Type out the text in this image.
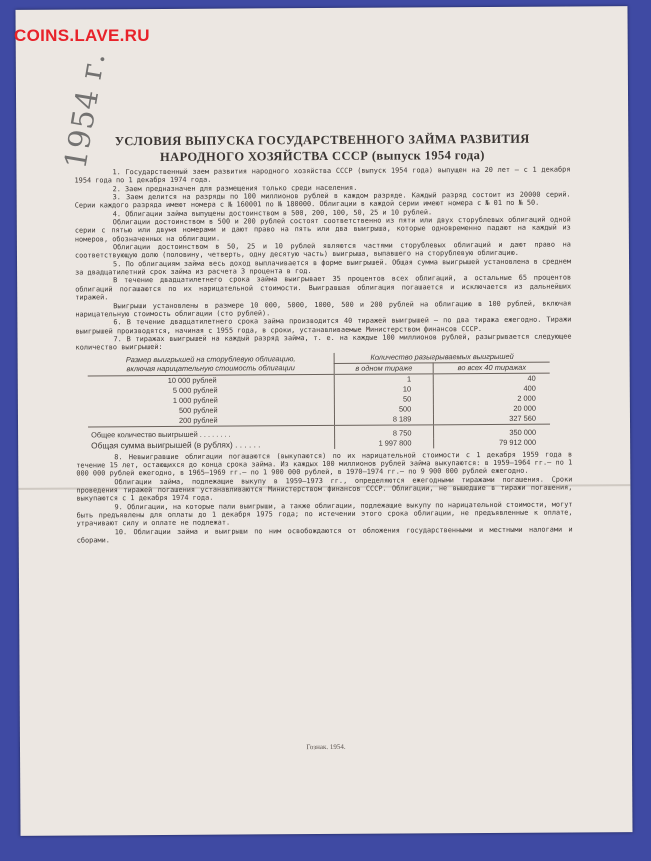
COINS.LAVE.RU
1954 г. УСЛОВИЯ ВЫПУСКА ГОСУДАРСТВЕННОГО ЗАЙМА РАЗВИТИЯ
НАРОДНОГО ХОЗЯЙСТВА СССР (выпуск 1954 года)

1. Государственный заем развития народного хозяйства СССР (выпуск 1954 года) выпущен на 20 лет — с 1 декабря 1954 года по 1 декабря 1974 года.

2. Заем предназначен для размещения только среди населения.

3. Заем делится на разряды по 100 миллионов рублей в каждом разряде. Каждый разряд состоит из 20000 серий. Серии каждого разряда имеют номера с № 160001 по № 180000. Облигации в каждой серии имеют номера с № 01 по № 50.

4. Облигации займа выпущены достоинством в 500, 200, 100, 50, 25 и 10 рублей.

Облигации достоинством в 500 и 200 рублей состоят соответственно из пяти или двух сторублевых облигаций одной серии с пятью или двумя номерами и дают право на пять или два выигрыша, которые одновременно падают на каждый из номеров, обозначенных на облигации.

Облигации достоинством в 50, 25 и 10 рублей являются частями сторублевых облигаций и дают право на соответствующую долю (половину, четверть, одну десятую часть) выигрыша, выпавшего на сторублевую облигацию.

5. По облигациям займа весь доход выплачивается в форме выигрышей. Общая сумма выигрышей установлена в среднем за двадцатилетний срок займа из расчета 3 процента в год.

В течение двадцатилетнего срока займа выигрывает 35 процентов всех облигаций, а остальные 65 процентов облигаций погашаются по их нарицательной стоимости. Выигравшая облигация погашается и исключается из дальнейших тиражей.

Выигрыши установлены в размере 10 000, 5000, 1000, 500 и 200 рублей на облигацию в 100 рублей, включая нарицательную стоимость облигации (сто рублей).

6. В течение двадцатилетнего срока займа производится 40 тиражей выигрышей — по два тиража ежегодно. Тиражи выигрышей производятся, начиная с 1955 года, в сроки, устанавливаемые Министерством финансов СССР.

7. В тиражах выигрышей на каждый разряд займа, т. е. на каждые 100 миллионов рублей, разыгрывается следующее количество выигрышей:

Размер выигрышей на сторублевую облигацию,
включая нарицательную стоимость облигации	Количество разыгрываемых выигрышей	
	в одном тираже	во всех 40 тиражах
10 000 рублей	1	40
5 000 рублей	10	400
1 000 рублей	50	2 000
500 рублей	500	20 000
200 рублей	8 189	327 560
Общее количество выигрышей . . . . . . . .	8 750	350 000
Общая сумма выигрышей (в рублях) . . . . . .	1 997 800	79 912 000

8. Невыигравшие облигации погашаются (выкупаются) по их нарицательной стоимости с 1 декабря 1959 года в течение 15 лет, остающихся до конца срока займа. Из каждых 100 миллионов рублей займа выкупаются: в 1959—1964 гг.— по 1 000 000 рублей ежегодно, в 1965—1969 гг.— по 1 900 000 рублей, в 1970—1974 гг.— по 9 900 000 рублей ежегодно.

Облигации займа, подлежащие выкупу в 1959—1973 гг., определяются ежегодными тиражами погашения. Сроки проведения тиражей погашения устанавливаются Министерством финансов СССР. Облигации, не вышедшие в тиражи погашения, выкупаются с 1 декабря 1974 года.

9. Облигации, на которые пали выигрыши, а также облигации, подлежащие выкупу по нарицательной стоимости, могут быть предъявлены для оплаты до 1 декабря 1975 года; по истечении этого срока облигации, не предъявленные к оплате, утрачивают силу и оплате не подлежат.

10. Облигации займа и выигрыши по ним освобождаются от обложения государственными и местными налогами и сборами.

Гознак. 1954.
